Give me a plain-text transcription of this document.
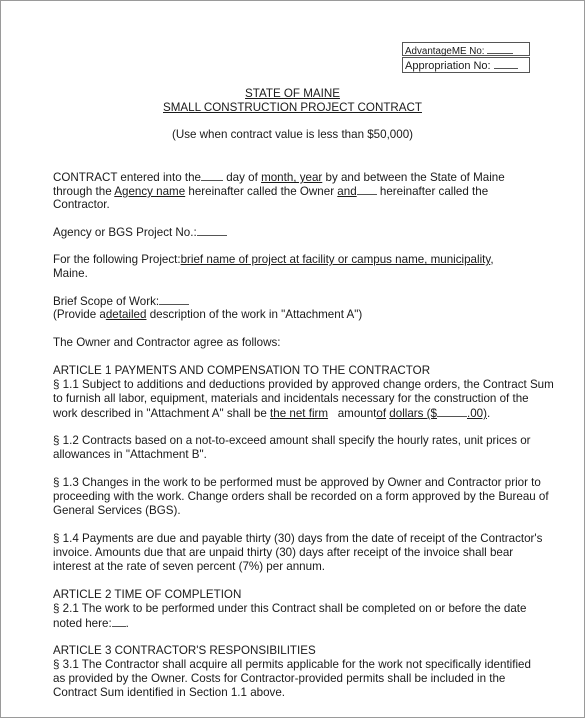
AdvantageME No:
Appropriation No:
STATE OF MAINE
SMALL CONSTRUCTION PROJECT CONTRACT
(Use when contract value is less than $50,000)
CONTRACT entered into the day of month, year by and between the State of Maine
through the Agency name hereinafter called the Owner and hereinafter called the
Contractor.
Agency or BGS Project No.:
For the following Project:brief name of project at facility or campus name, municipality,
Maine.
Brief Scope of Work:
(Provide adetailed description of the work in "Attachment A")
The Owner and Contractor agree as follows:
ARTICLE 1 PAYMENTS AND COMPENSATION TO THE CONTRACTOR
§ 1.1 Subject to additions and deductions provided by approved change orders, the Contract Sum
to furnish all labor, equipment, materials and incidentals necessary for the construction of the
work described in "Attachment A" shall be the net firm amountof dollars ($	.00).
§ 1.2 Contracts based on a not-to-exceed amount shall specify the hourly rates, unit prices or
allowances in "Attachment B".
§ 1.3 Changes in the work to be performed must be approved by Owner and Contractor prior to
proceeding with the work. Change orders shall be recorded on a form approved by the Bureau of
General Services (BGS).
§ 1.4 Payments are due and payable thirty (30) days from the date of receipt of the Contractor's
invoice. Amounts due that are unpaid thirty (30) days after receipt of the invoice shall bear
interest at the rate of seven percent (7%) per annum.
ARTICLE 2 TIME OF COMPLETION
§ 2.1 The work to be performed under this Contract shall be completed on or before the date
noted here: .
ARTICLE 3 CONTRACTOR'S RESPONSIBILITIES
§ 3.1 The Contractor shall acquire all permits applicable for the work not specifically identified
as provided by the Owner. Costs for Contractor-provided permits shall be included in the
Contract Sum identified in Section 1.1 above.
